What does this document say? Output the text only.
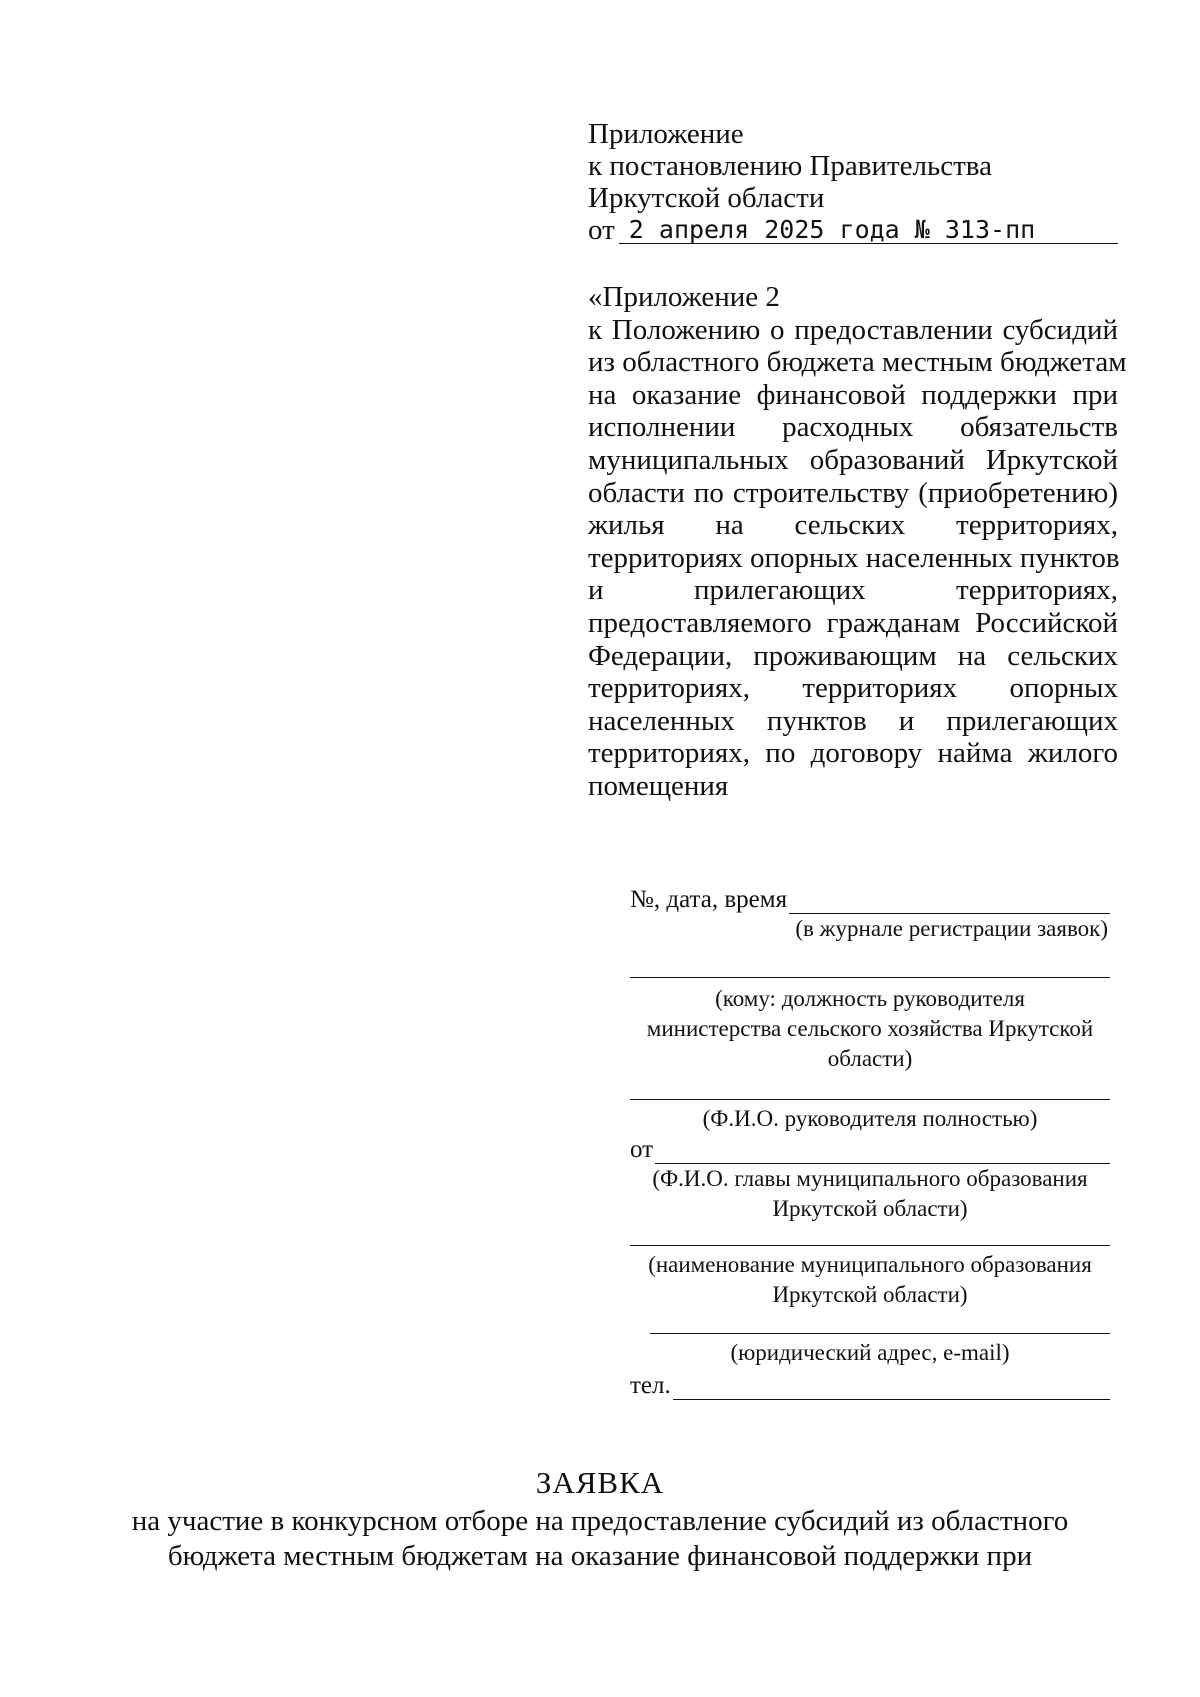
Приложение
к постановлению Правительства
Иркутской области
от 2 апреля 2025 года № 313-пп
«Приложение 2
к Положению о предоставлении субсидий
из областного бюджета местным бюджетам
на оказание финансовой поддержки при
исполнении расходных обязательств
муниципальных образований Иркутской
области по строительству (приобретению)
жилья на сельских территориях,
территориях опорных населенных пунктов
и прилегающих территориях,
предоставляемого гражданам Российской
Федерации, проживающим на сельских
территориях, территориях опорных
населенных пунктов и прилегающих
территориях, по договору найма жилого
помещения
№, дата, время
(в журнале регистрации заявок)
(кому: должность руководителя
министерства сельского хозяйства Иркутской
области)
(Ф.И.О. руководителя полностью)
от
(Ф.И.О. главы муниципального образования
Иркутской области)
(наименование муниципального образования
Иркутской области)
(юридический адрес, e-mail)
тел.
ЗАЯВКА
на участие в конкурсном отборе на предоставление субсидий из областного
бюджета местным бюджетам на оказание финансовой поддержки при
